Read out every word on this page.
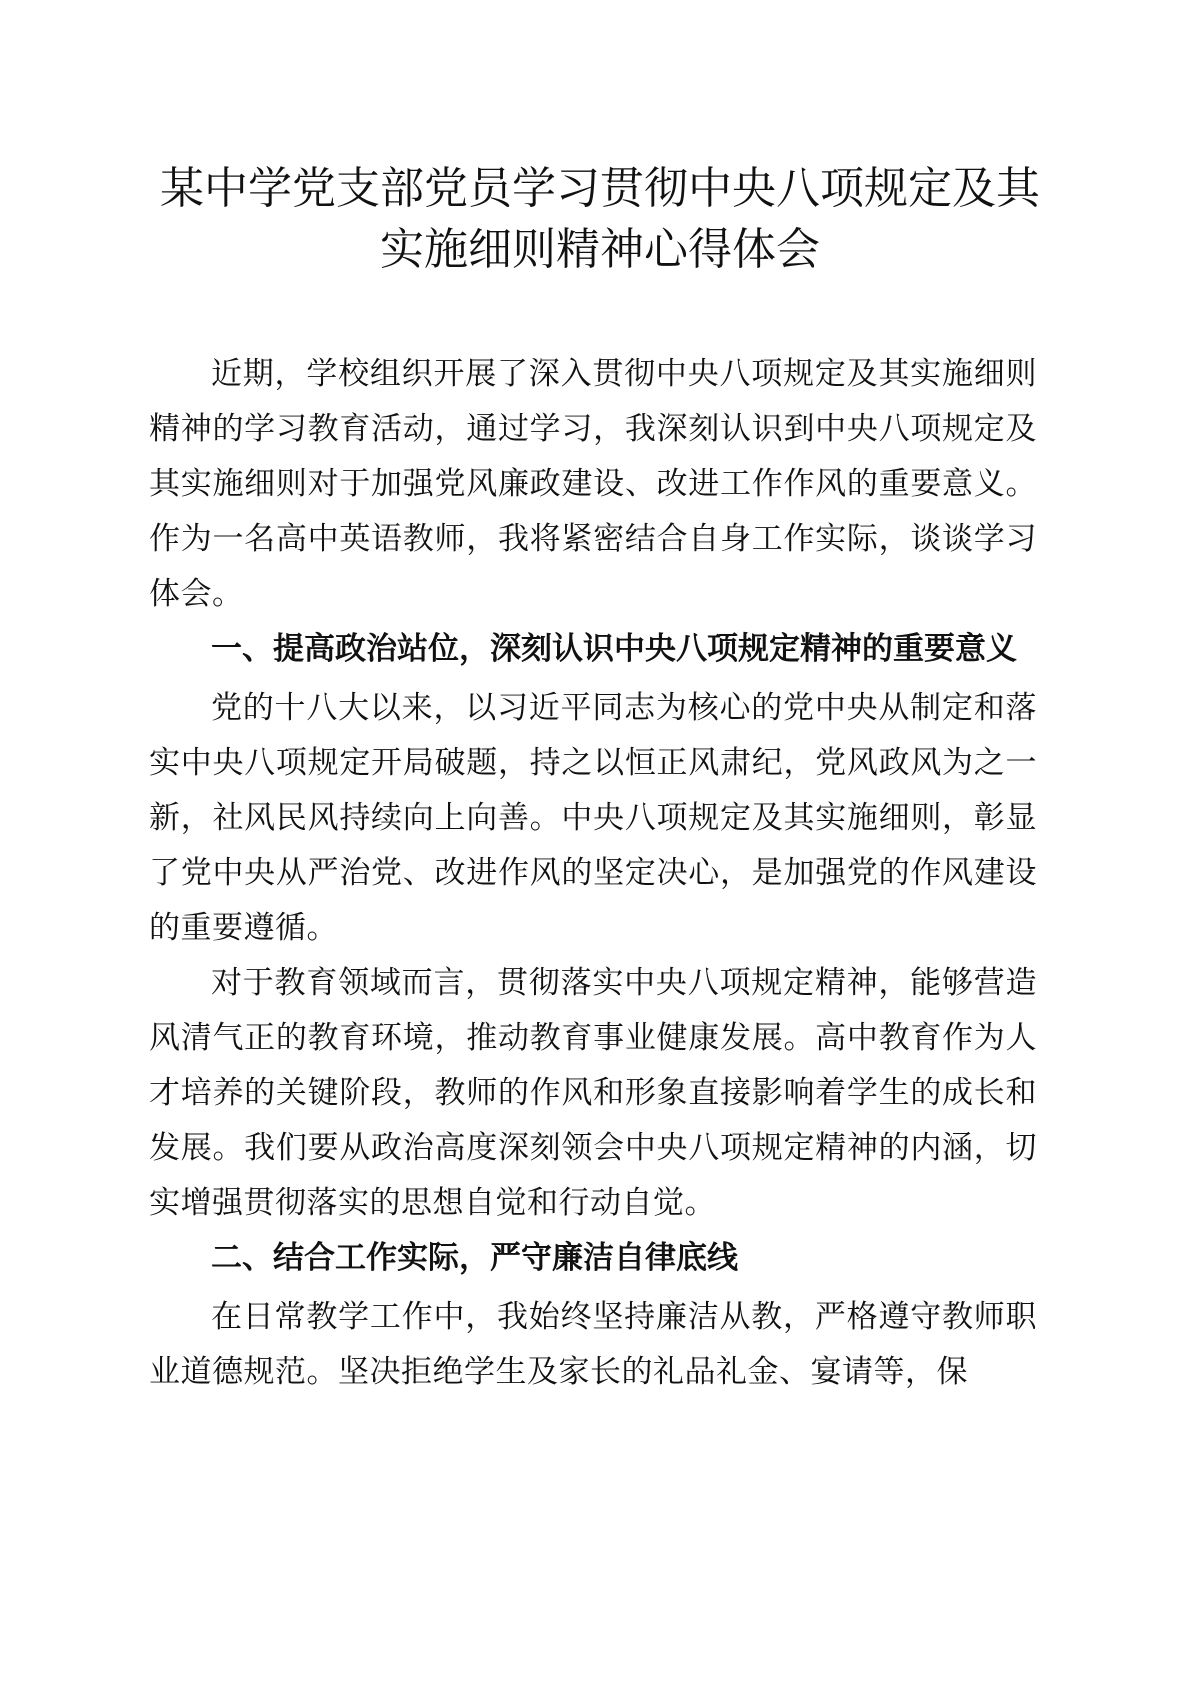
某中学党支部党员学习贯彻中央八项规定及其实施细则精神心得体会

近期，学校组织开展了深入贯彻中央八项规定及其实施细则精神的学习教育活动，通过学习，我深刻认识到中央八项规定及其实施细则对于加强党风廉政建设、改进工作作风的重要意义。作为一名高中英语教师，我将紧密结合自身工作实际，谈谈学习体会。

一、提高政治站位，深刻认识中央八项规定精神的重要意义

党的十八大以来，以习近平同志为核心的党中央从制定和落实中央八项规定开局破题，持之以恒正风肃纪，党风政风为之一新，社风民风持续向上向善。中央八项规定及其实施细则，彰显了党中央从严治党、改进作风的坚定决心，是加强党的作风建设的重要遵循。

对于教育领域而言，贯彻落实中央八项规定精神，能够营造风清气正的教育环境，推动教育事业健康发展。高中教育作为人才培养的关键阶段，教师的作风和形象直接影响着学生的成长和发展。我们要从政治高度深刻领会中央八项规定精神的内涵，切实增强贯彻落实的思想自觉和行动自觉。

二、结合工作实际，严守廉洁自律底线

在日常教学工作中，我始终坚持廉洁从教，严格遵守教师职业道德规范。坚决拒绝学生及家长的礼品礼金、宴请等，保
